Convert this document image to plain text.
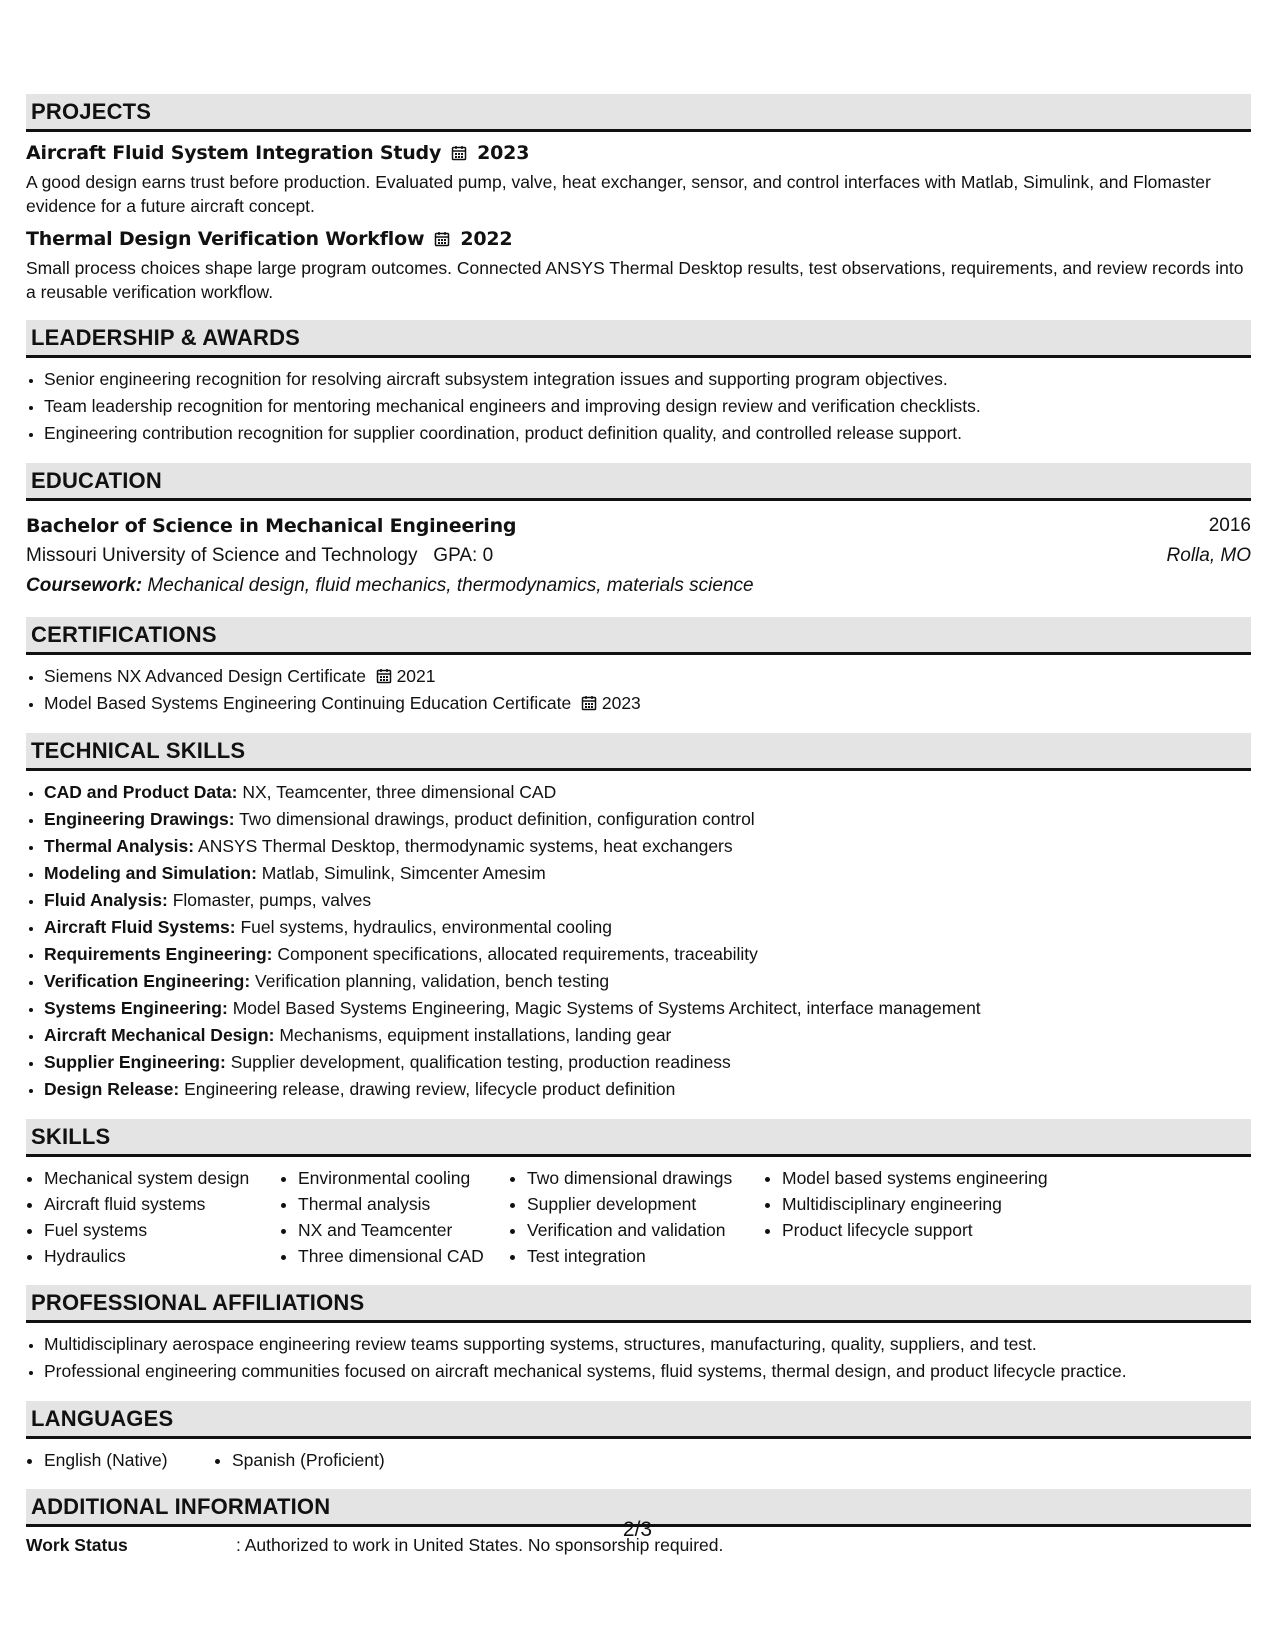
PROJECTS
Aircraft Fluid System Integration Study 2023
A good design earns trust before production. Evaluated pump, valve, heat exchanger, sensor, and control interfaces with Matlab, Simulink, and Flomaster evidence for a future aircraft concept.
Thermal Design Verification Workflow 2022
Small process choices shape large program outcomes. Connected ANSYS Thermal Desktop results, test observations, requirements, and review records into a reusable verification workflow.
LEADERSHIP & AWARDS
• Senior engineering recognition for resolving aircraft subsystem integration issues and supporting program objectives.
• Team leadership recognition for mentoring mechanical engineers and improving design review and verification checklists.
• Engineering contribution recognition for supplier coordination, product definition quality, and controlled release support.
EDUCATION
Bachelor of Science in Mechanical Engineering	2016
Missouri University of Science and Technology GPA: 0	Rolla, MO
Coursework: Mechanical design, fluid mechanics, thermodynamics, materials science
CERTIFICATIONS
• Siemens NX Advanced Design Certificate 2021
• Model Based Systems Engineering Continuing Education Certificate 2023
TECHNICAL SKILLS
• CAD and Product Data: NX, Teamcenter, three dimensional CAD
• Engineering Drawings: Two dimensional drawings, product definition, configuration control
• Thermal Analysis: ANSYS Thermal Desktop, thermodynamic systems, heat exchangers
• Modeling and Simulation: Matlab, Simulink, Simcenter Amesim
• Fluid Analysis: Flomaster, pumps, valves
• Aircraft Fluid Systems: Fuel systems, hydraulics, environmental cooling
• Requirements Engineering: Component specifications, allocated requirements, traceability
• Verification Engineering: Verification planning, validation, bench testing
• Systems Engineering: Model Based Systems Engineering, Magic Systems of Systems Architect, interface management
• Aircraft Mechanical Design: Mechanisms, equipment installations, landing gear
• Supplier Engineering: Supplier development, qualification testing, production readiness
• Design Release: Engineering release, drawing review, lifecycle product definition
SKILLS
• Mechanical system design
• Aircraft fluid systems
• Fuel systems
• Hydraulics
• Environmental cooling
• Thermal analysis
• NX and Teamcenter
• Three dimensional CAD
• Two dimensional drawings
• Supplier development
• Verification and validation
• Test integration
• Model based systems engineering
• Multidisciplinary engineering
• Product lifecycle support
PROFESSIONAL AFFILIATIONS
• Multidisciplinary aerospace engineering review teams supporting systems, structures, manufacturing, quality, suppliers, and test.
• Professional engineering communities focused on aircraft mechanical systems, fluid systems, thermal design, and product lifecycle practice.
LANGUAGES
• English (Native)
•	Spanish (Proficient)
ADDITIONAL INFORMATION
Work Status	: Authorized to work in United States. No sponsorship required.
2/3
